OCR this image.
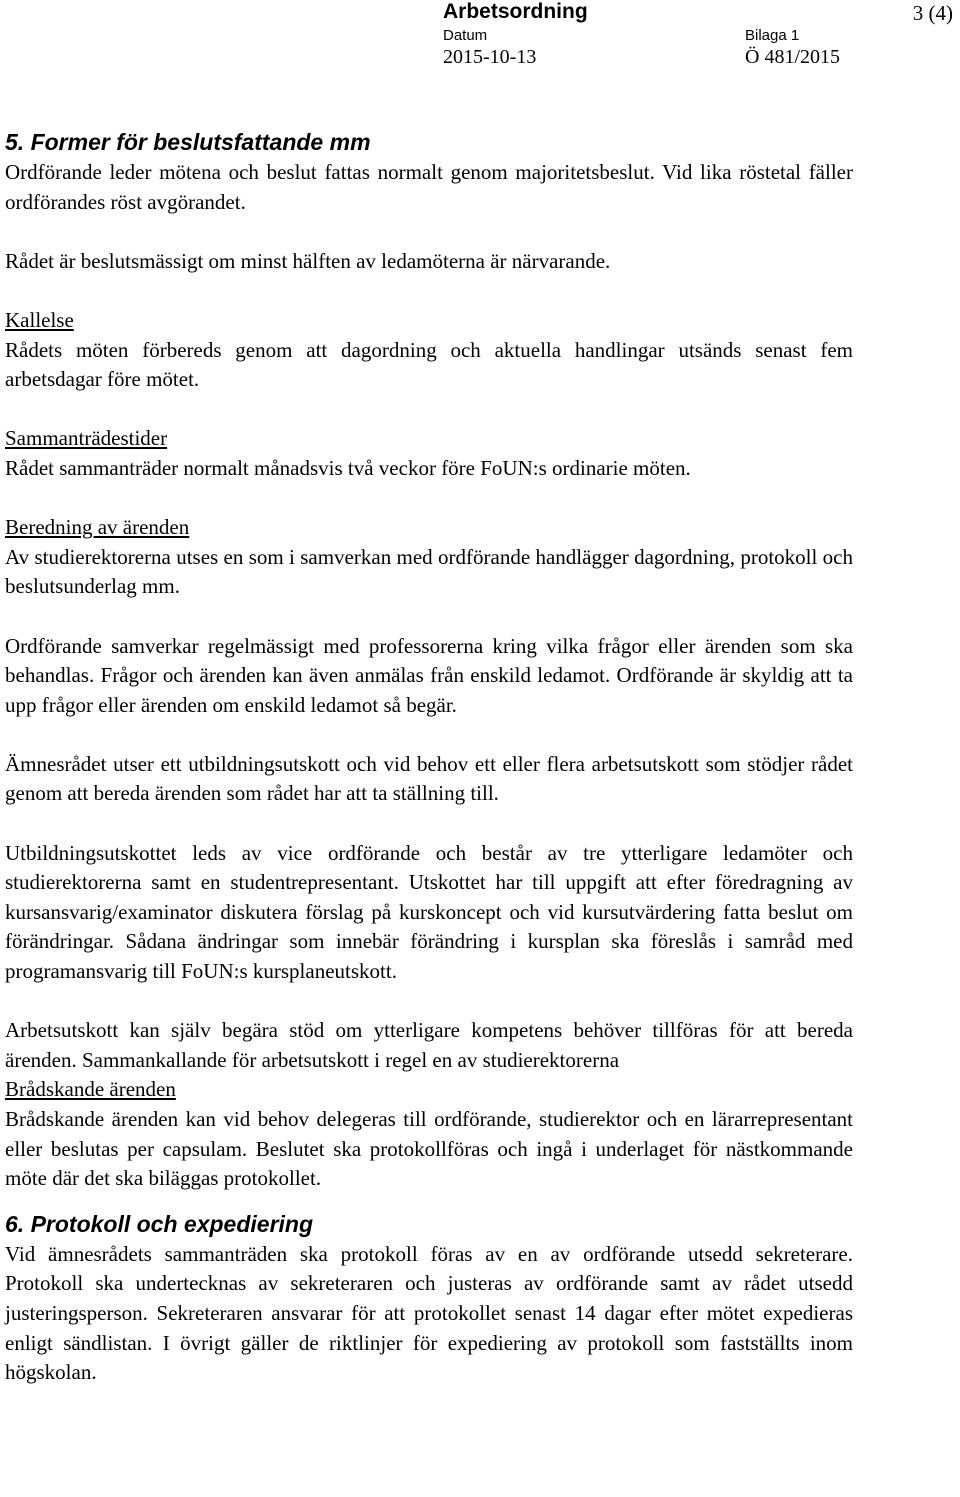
Arbetsordning	3 (4)
Datum
2015-10-13
Bilaga 1
Ö 481/2015
5. Former för beslutsfattande mm

Ordförande leder mötena och beslut fattas normalt genom majoritetsbeslut. Vid lika röstetal fäller ordförandes röst avgörandet.

Rådet är beslutsmässigt om minst hälften av ledamöterna är närvarande.

Kallelse

Rådets möten förbereds genom att dagordning och aktuella handlingar utsänds senast fem arbetsdagar före mötet.

Sammanträdestider

Rådet sammanträder normalt månadsvis två veckor före FoUN:s ordinarie möten.

Beredning av ärenden

Av studierektorerna utses en som i samverkan med ordförande handlägger dagordning, protokoll och beslutsunderlag mm.

Ordförande samverkar regelmässigt med professorerna kring vilka frågor eller ärenden som ska behandlas. Frågor och ärenden kan även anmälas från enskild ledamot. Ordförande är skyldig att ta upp frågor eller ärenden om enskild ledamot så begär.

Ämnesrådet utser ett utbildningsutskott och vid behov ett eller flera arbetsutskott som stödjer rådet genom att bereda ärenden som rådet har att ta ställning till.

Utbildningsutskottet leds av vice ordförande och består av tre ytterligare ledamöter och studierektorerna samt en studentrepresentant. Utskottet har till uppgift att efter föredragning av kursansvarig/examinator diskutera förslag på kurskoncept och vid kursutvärdering fatta beslut om förändringar. Sådana ändringar som innebär förändring i kursplan ska föreslås i samråd med programansvarig till FoUN:s kursplaneutskott.

Arbetsutskott kan själv begära stöd om ytterligare kompetens behöver tillföras för att bereda ärenden. Sammankallande för arbetsutskott i regel en av studierektorerna

Brådskande ärenden

Brådskande ärenden kan vid behov delegeras till ordförande, studierektor och en lärarrepresentant eller beslutas per capsulam. Beslutet ska protokollföras och ingå i underlaget för nästkommande möte där det ska biläggas protokollet.

6. Protokoll och expediering

Vid ämnesrådets sammanträden ska protokoll föras av en av ordförande utsedd sekreterare. Protokoll ska undertecknas av sekreteraren och justeras av ordförande samt av rådet utsedd justeringsperson. Sekreteraren ansvarar för att protokollet senast 14 dagar efter mötet expedieras enligt sändlistan. I övrigt gäller de riktlinjer för expediering av protokoll som fastställts inom högskolan.
